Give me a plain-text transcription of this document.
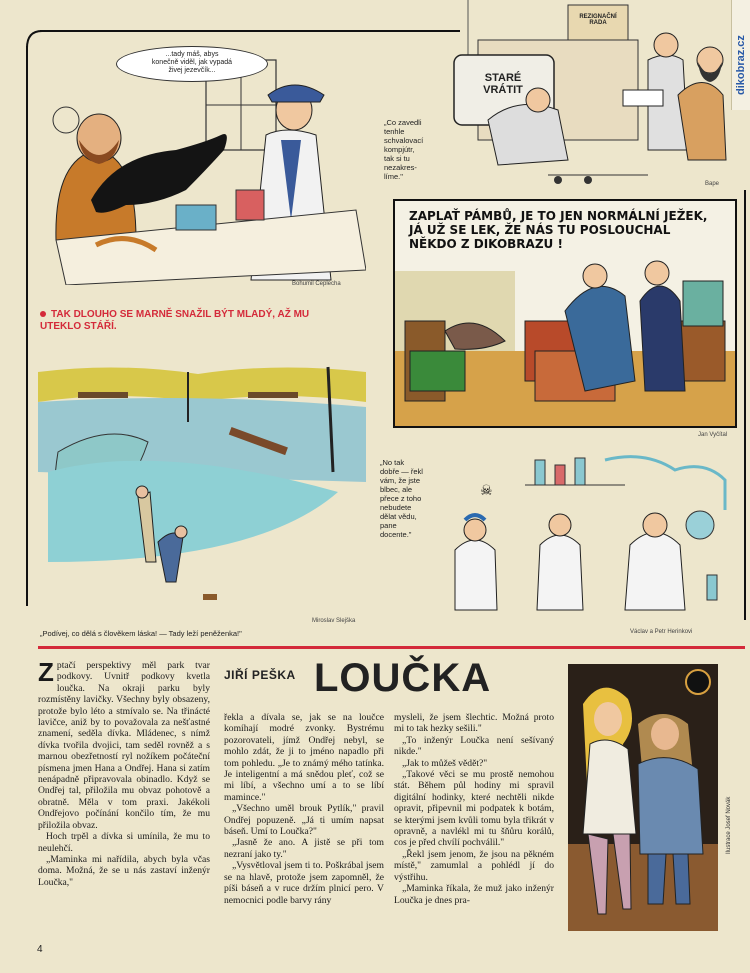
dikobraz.cz
...tady máš, abys
konečně viděl, jak vypadá
živej jezevčík...
Bohumil Ceplecha
REZIGNAČNÍ
RADA
STARÉ
VRÁTIT
„Co zavedli
tenhle
schvalovací
kompjútr,
tak si tu
nezakres-
líme."
Bape
TAK DLOUHO SE MARNĚ SNAŽIL BÝT MLADÝ, AŽ MU
UTEKLO STÁŘÍ.
ZAPLAŤ PÁMBŮ, JE TO JEN NORMÁLNÍ JEŽEK,
JÁ UŽ SE LEK, ŽE NÁS TU POSLOUCHAL
NĚKDO Z DIKOBRAZU !
Jan Vyčítal
Miroslav Slejška
„Podívej, co dělá s člověkem láska! — Tady leží peněženka!"
„No tak
dobře — řekl
vám, že jste
blbec, ale
přece z toho
nebudete
dělat vědu,
pane
docente."
☠
Václav a Petr Herinkovi

Zptačí perspektivy měl park tvar podkovy. Uvnitř podkovy kvetla loučka. Na okraji parku byly rozmístěny lavičky. Všechny byly obsazeny, protože bylo léto a stmívalo se. Na třinácté lavičce, aniž by to považovala za nešťastné znamení, seděla dívka. Mládenec, s nímž dívka tvořila dvojici, tam seděl rovněž a s marnou obezřetností ryl nožíkem počáteční písmena jmen Hana a Ondřej. Hana si zatím nenápadně připravovala obinadlo. Když se Ondřej tal, přiložila mu obvaz pohotově a obratně. Měla v tom praxi. Jakékoli Ondřejovo počínání končilo tím, že mu přiložila obvaz.

Hoch trpěl a dívka si umínila, že mu to neulehčí.

„Maminka mi nařídila, abych byla včas doma. Možná, že se u nás zastaví inženýr Loučka,"

JIŘÍ PEŠKA LOUČKA

řekla a dívala se, jak se na loučce komíhají modré zvonky. Bystrému pozorovateli, jímž Ondřej nebyl, se mohlo zdát, že ji to jméno napadlo při tom pohledu. „Je to známý mého tatínka. Je inteligentní a má snědou pleť, což se mi líbí, a všechno umí a to se líbí mamince."

„Všechno uměl brouk Pytlík," pravil Ondřej popuzeně. „Já ti umím napsat báseň. Umí to Loučka?"

„Jasně že ano. A jistě se při tom nezraní jako ty."

„Vysvětloval jsem ti to. Poškrábal jsem se na hlavě, protože jsem zapomněl, že píši báseň a v ruce držím plnicí pero. V nemocnici podle barvy rány

mysleli, že jsem šlechtic. Možná proto mi to tak hezky sešili."

„To inženýr Loučka není sešívaný nikde."

„Jak to můžeš vědět?"

„Takové věci se mu prostě nemohou stát. Během půl hodiny mi spravil digitální hodinky, které nechtěli nikde opravit, připevnil mi podpatek k botám, se kterými jsem kvůli tomu byla třikrát v opravně, a navlékl mi tu šňůru korálů, cos je před chvílí pochválil."

„Řekl jsem jenom, že jsou na pěkném místě," zamumlal a pohlédl jí do výstřihu.

„Maminka říkala, že muž jako inženýr Loučka je dnes pra-

Ilustrace Josef Novák
4
